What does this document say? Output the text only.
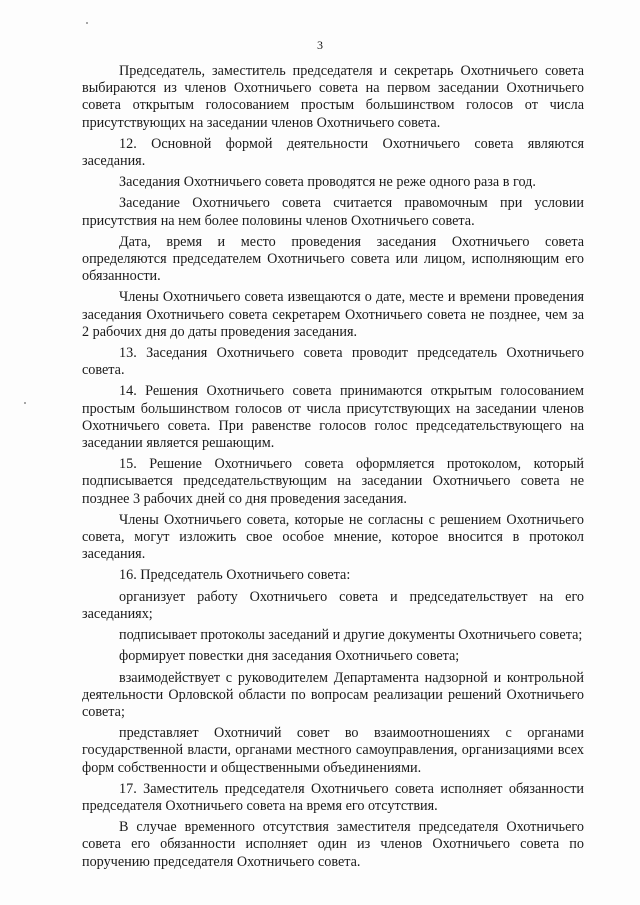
3

Председатель, заместитель председателя и секретарь Охотничьего совета выбираются из членов Охотничьего совета на первом заседании Охотничьего совета открытым голосованием простым большинством голосов от числа присутствующих на заседании членов Охотничьего совета.

12. Основной формой деятельности Охотничьего совета являются заседания.

Заседания Охотничьего совета проводятся не реже одного раза в год.

Заседание Охотничьего совета считается правомочным при условии присутствия на нем более половины членов Охотничьего совета.

Дата, время и место проведения заседания Охотничьего совета определяются председателем Охотничьего совета или лицом, исполняющим его обязанности.

Члены Охотничьего совета извещаются о дате, месте и времени проведения заседания Охотничьего совета секретарем Охотничьего совета не позднее, чем за 2 рабочих дня до даты проведения заседания.

13. Заседания Охотничьего совета проводит председатель Охотничьего совета.

14. Решения Охотничьего совета принимаются открытым голосованием простым большинством голосов от числа присутствующих на заседании членов Охотничьего совета. При равенстве голосов голос председательствующего на заседании является решающим.

15. Решение Охотничьего совета оформляется протоколом, который подписывается председательствующим на заседании Охотничьего совета не позднее 3 рабочих дней со дня проведения заседания.

Члены Охотничьего совета, которые не согласны с решением Охотничьего совета, могут изложить свое особое мнение, которое вносится в протокол заседания.

16. Председатель Охотничьего совета:

организует работу Охотничьего совета и председательствует на его заседаниях;

подписывает протоколы заседаний и другие документы Охотничьего совета;

формирует повестки дня заседания Охотничьего совета;

взаимодействует с руководителем Департамента надзорной и контрольной деятельности Орловской области по вопросам реализации решений Охотничьего совета;

представляет Охотничий совет во взаимоотношениях с органами государственной власти, органами местного самоуправления, организациями всех форм собственности и общественными объединениями.

17. Заместитель председателя Охотничьего совета исполняет обязанности председателя Охотничьего совета на время его отсутствия.

В случае временного отсутствия заместителя председателя Охотничьего совета его обязанности исполняет один из членов Охотничьего совета по поручению председателя Охотничьего совета.
